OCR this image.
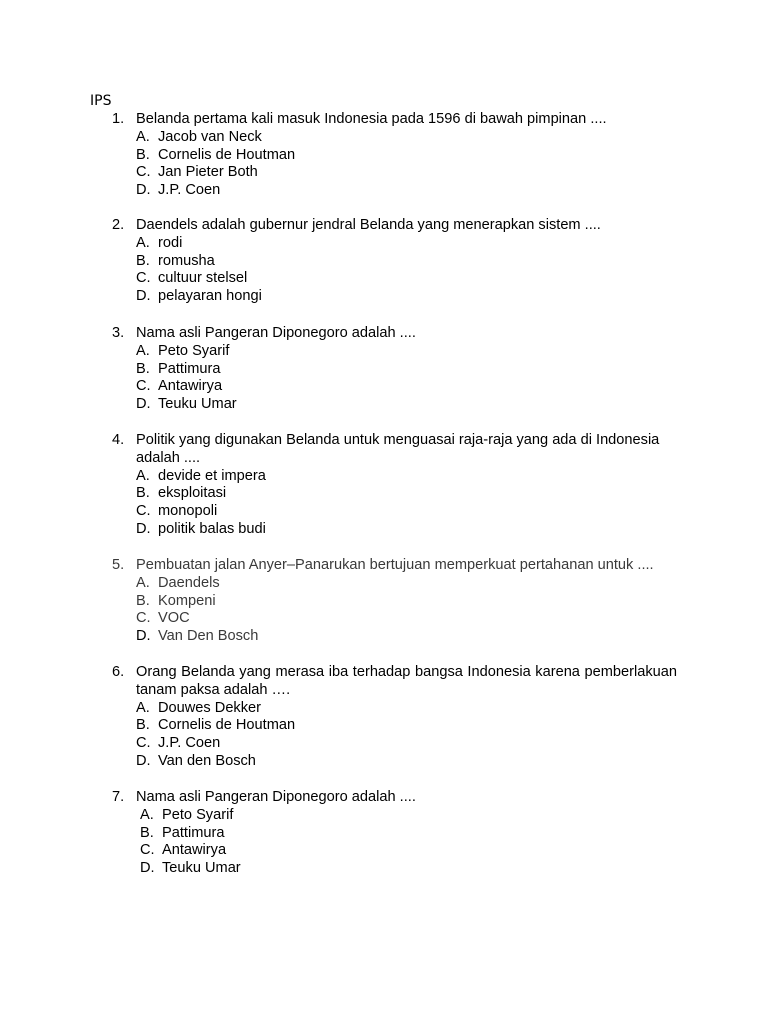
IPS
1. Belanda pertama kali masuk Indonesia pada 1596 di bawah pimpinan ....
A. Jacob van Neck
B. Cornelis de Houtman
C. Jan Pieter Both
D. J.P. Coen
2. Daendels adalah gubernur jendral Belanda yang menerapkan sistem ....
A. rodi
B. romusha
C. cultuur stelsel
D. pelayaran hongi
3. Nama asli Pangeran Diponegoro adalah ....
A. Peto Syarif
B. Pattimura
C. Antawirya
D. Teuku Umar
4. Politik yang digunakan Belanda untuk menguasai raja-raja yang ada di Indonesia adalah ....
A. devide et impera
B. eksploitasi
C. monopoli
D. politik balas budi
5. Pembuatan jalan Anyer–Panarukan bertujuan memperkuat pertahanan untuk ....
A. Daendels
B. Kompeni
C. VOC
D. Van Den Bosch
6. Orang Belanda yang merasa iba terhadap bangsa Indonesia karena pemberlakuan tanam paksa adalah ….
A. Douwes Dekker
B. Cornelis de Houtman
C. J.P. Coen
D. Van den Bosch
7. Nama asli Pangeran Diponegoro adalah ....
A. Peto Syarif
B. Pattimura
C. Antawirya
D. Teuku Umar
